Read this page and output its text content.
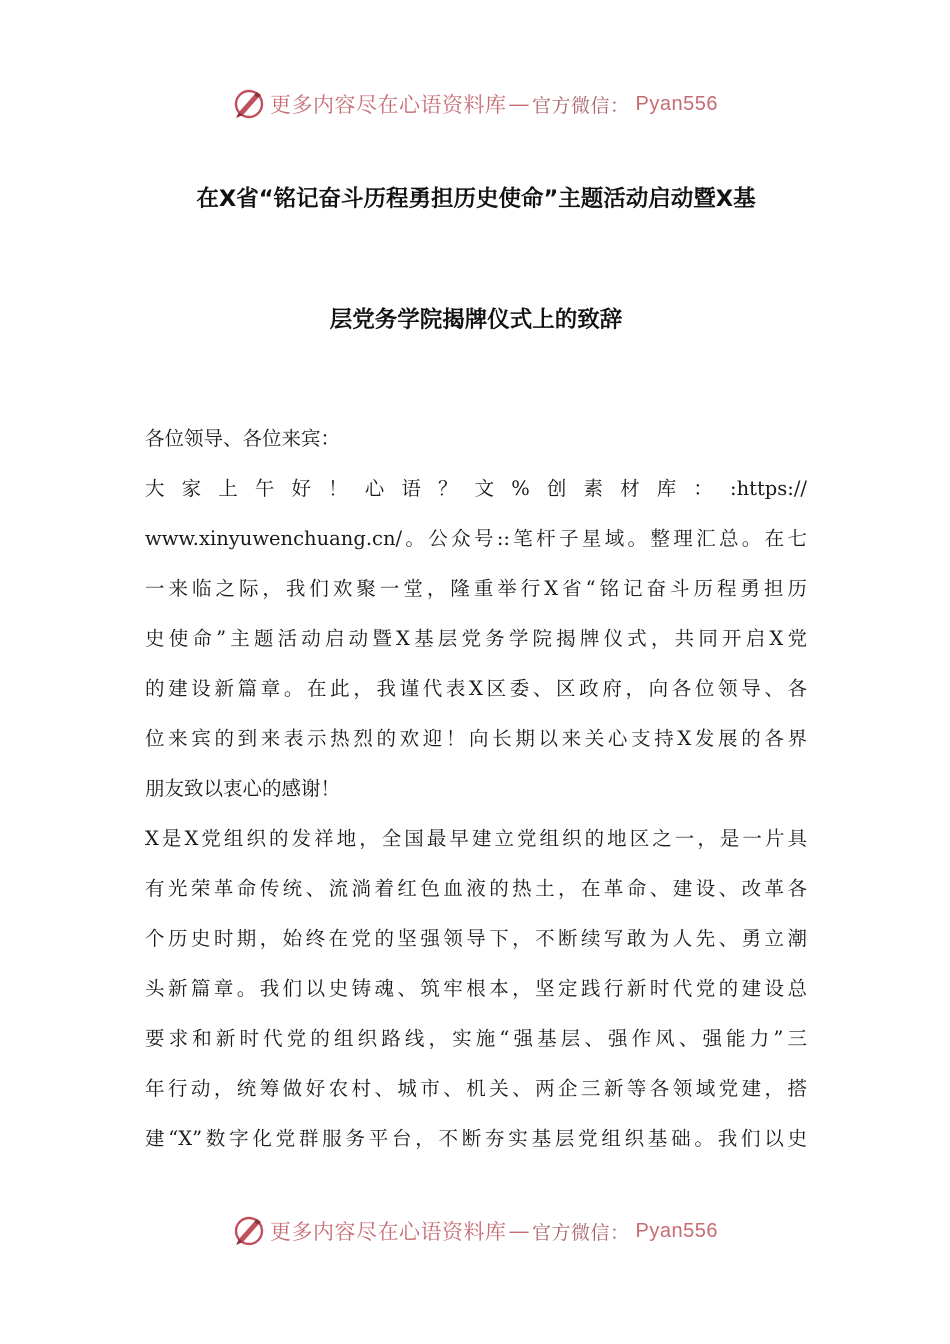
更多内容尽在心语资料库 — 官方微信： Pyan556
在X省“铭记奋斗历程勇担历史使命”主题活动启动暨X基
层党务学院揭牌仪式上的致辞
各位领导、各位来宾：
大家上午好！心语？文%创素材库：:https://
www.xinyuwenchuang.cn/。公众号::笔杆子星域。整理汇总。在七
一来临之际，我们欢聚一堂，隆重举行X省“铭记奋斗历程勇担历
史使命”主题活动启动暨X基层党务学院揭牌仪式，共同开启X党
的建设新篇章。在此，我谨代表X区委、区政府，向各位领导、各
位来宾的到来表示热烈的欢迎！向长期以来关心支持X发展的各界
朋友致以衷心的感谢！
X是X党组织的发祥地，全国最早建立党组织的地区之一，是一片具
有光荣革命传统、流淌着红色血液的热土，在革命、建设、改革各
个历史时期，始终在党的坚强领导下，不断续写敢为人先、勇立潮
头新篇章。我们以史铸魂、筑牢根本，坚定践行新时代党的建设总
要求和新时代党的组织路线，实施“强基层、强作风、强能力”三
年行动，统筹做好农村、城市、机关、两企三新等各领域党建，搭
建“X”数字化党群服务平台，不断夯实基层党组织基础。我们以史
更多内容尽在心语资料库 — 官方微信： Pyan556
